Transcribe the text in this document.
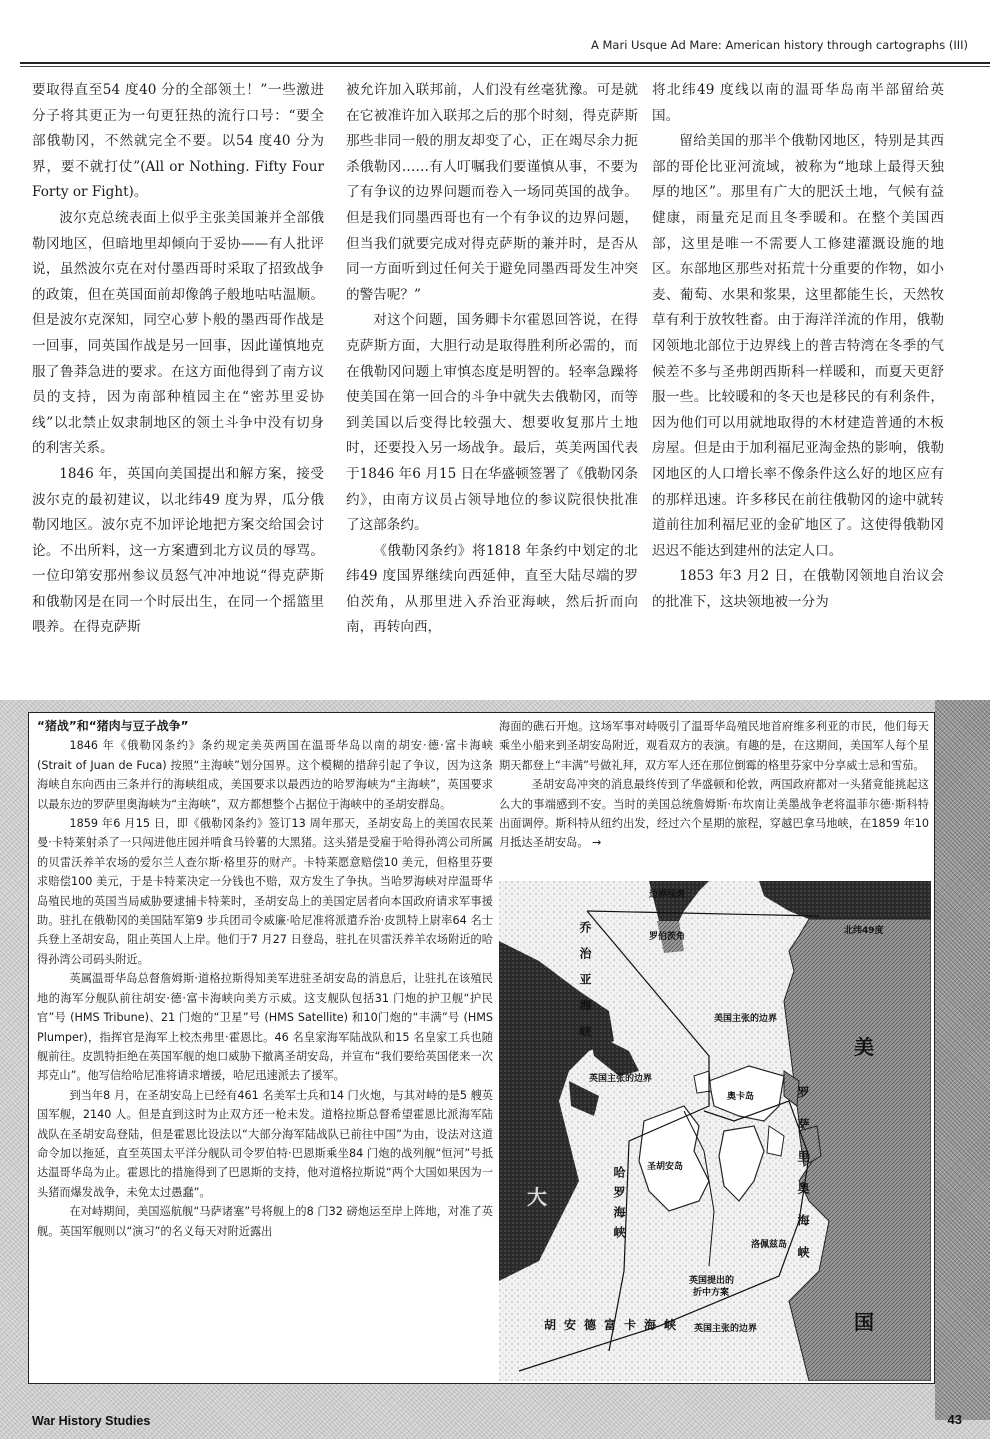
A Mari Usque Ad Mare: American history through cartographs (III)

要取得直至54 度40 分的全部领土！”一些激进分子将其更正为一句更狂热的流行口号：“要全部俄勒冈，不然就完全不要。以54 度40 分为界，要不就打仗”(All or Nothing. Fifty Four Forty or Fight)。

波尔克总统表面上似乎主张美国兼并全部俄勒冈地区，但暗地里却倾向于妥协——有人批评说，虽然波尔克在对付墨西哥时采取了招致战争的政策，但在英国面前却像鸽子般地咕咕温顺。但是波尔克深知，同空心萝卜般的墨西哥作战是一回事，同英国作战是另一回事，因此谨慎地克服了鲁莽急进的要求。在这方面他得到了南方议员的支持，因为南部种植园主在“密苏里妥协线”以北禁止奴隶制地区的领土斗争中没有切身的利害关系。

1846 年，英国向美国提出和解方案，接受波尔克的最初建议，以北纬49 度为界，瓜分俄勒冈地区。波尔克不加评论地把方案交给国会讨论。不出所料，这一方案遭到北方议员的辱骂。一位印第安那州参议员怒气冲冲地说“得克萨斯和俄勒冈是在同一个时辰出生，在同一个摇篮里喂养。在得克萨斯

被允许加入联邦前，人们没有丝毫犹豫。可是就在它被准许加入联邦之后的那个时刻，得克萨斯那些非同一般的朋友却变了心，正在竭尽余力扼杀俄勒冈……有人叮嘱我们要谨慎从事，不要为了有争议的边界问题而卷入一场同英国的战争。但是我们同墨西哥也有一个有争议的边界问题，但当我们就要完成对得克萨斯的兼并时，是否从同一方面听到过任何关于避免同墨西哥发生冲突的警告呢？”

对这个问题，国务卿卡尔霍恩回答说，在得克萨斯方面，大胆行动是取得胜利所必需的，而在俄勒冈问题上审慎态度是明智的。轻率急躁将使美国在第一回合的斗争中就失去俄勒冈，而等到美国以后变得比较强大、想要收复那片土地时，还要投入另一场战争。最后，英美两国代表于1846 年6 月15 日在华盛顿签署了《俄勒冈条约》，由南方议员占领导地位的参议院很快批准了这部条约。

《俄勒冈条约》将1818 年条约中划定的北纬49 度国界继续向西延伸，直至大陆尽端的罗伯茨角，从那里进入乔治亚海峡，然后折而向南，再转向西，

将北纬49 度线以南的温哥华岛南半部留给英国。

留给美国的那半个俄勒冈地区，特别是其西部的哥伦比亚河流域，被称为“地球上最得天独厚的地区”。那里有广大的肥沃土地，气候有益健康，雨量充足而且冬季暖和。在整个美国西部，这里是唯一不需要人工修建灌溉设施的地区。东部地区那些对拓荒十分重要的作物，如小麦、葡萄、水果和浆果，这里都能生长，天然牧草有利于放牧牲畜。由于海洋洋流的作用，俄勒冈领地北部位于边界线上的普吉特湾在冬季的气候差不多与圣弗朗西斯科一样暖和，而夏天更舒服一些。比较暖和的冬天也是移民的有利条件，因为他们可以用就地取得的木材建造普通的木板房屋。但是由于加利福尼亚淘金热的影响，俄勒冈地区的人口增长率不像条件这么好的地区应有的那样迅速。许多移民在前往俄勒冈的途中就转道前往加利福尼亚的金矿地区了。这使得俄勒冈迟迟不能达到建州的法定人口。

1853 年3 月2 日，在俄勒冈领地自治议会的批准下，这块领地被一分为

“猪战”和“猪肉与豆子战争”

1846 年《俄勒冈条约》条约规定美英两国在温哥华岛以南的胡安·德·富卡海峡 (Strait of Juan de Fuca) 按照“主海峡”划分国界。这个模糊的措辞引起了争议，因为这条海峡自东向西由三条并行的海峡组成，美国要求以最西边的哈罗海峡为“主海峡”，英国要求以最东边的罗萨里奥海峡为“主海峡”，双方都想整个占据位于海峡中的圣胡安群岛。

1859 年6 月15 日，即《俄勒冈条约》签订13 周年那天，圣胡安岛上的美国农民莱曼·卡特莱射杀了一只闯进他庄园并啃食马铃薯的大黑猪。这头猪是受雇于哈得孙湾公司所属的贝雷沃养羊农场的爱尔兰人查尔斯·格里芬的财产。卡特莱愿意赔偿10 美元，但格里芬要求赔偿100 美元，于是卡特莱决定一分钱也不赔，双方发生了争执。当哈罗海峡对岸温哥华岛殖民地的英国当局威胁要逮捕卡特莱时，圣胡安岛上的美国定居者向本国政府请求军事援助。驻扎在俄勒冈的美国陆军第9 步兵团司令威廉·哈尼准将派遣乔治·皮凯特上尉率64 名士兵登上圣胡安岛，阻止英国人上岸。他们于7 月27 日登岛，驻扎在贝雷沃养羊农场附近的哈得孙湾公司码头附近。

英属温哥华岛总督詹姆斯·道格拉斯得知美军进驻圣胡安岛的消息后，让驻扎在该殖民地的海军分舰队前往胡安·德·富卡海峡向美方示威。这支舰队包括31 门炮的护卫舰“护民官”号 (HMS Tribune)、21 门炮的“卫星”号 (HMS Satellite) 和10门炮的“丰满”号 (HMS Plumper)，指挥官是海军上校杰弗里·霍恩比。46 名皇家海军陆战队和15 名皇家工兵也随舰前往。皮凯特拒绝在英国军舰的炮口威胁下撤离圣胡安岛，并宣布“我们要给英国佬来一次邦克山”。他写信给哈尼准将请求增援，哈尼迅速派去了援军。

到当年8 月，在圣胡安岛上已经有461 名美军士兵和14 门火炮，与其对峙的是5 艘英国军舰，2140 人。但是直到这时为止双方还一枪未发。道格拉斯总督希望霍恩比派海军陆战队在圣胡安岛登陆，但是霍恩比设法以“大部分海军陆战队已前往中国”为由，设法对这道命令加以拖延，直至英国太平洋分舰队司令罗伯特·巴恩斯乘坐84 门炮的战列舰“恒河”号抵达温哥华岛为止。霍恩比的措施得到了巴恩斯的支持，他对道格拉斯说“两个大国如果因为一头猪而爆发战争，未免太过愚蠢”。

在对峙期间，美国巡航舰“马萨诸塞”号将舰上的8 门32 磅炮运至岸上阵地，对准了英舰。英国军舰则以“演习”的名义每天对附近露出

海面的礁石开炮。这场军事对峙吸引了温哥华岛殖民地首府维多利亚的市民，他们每天乘坐小船来到圣胡安岛附近，观看双方的表演。有趣的是，在这期间，美国军人每个星期天都登上“丰满”号做礼拜，双方军人还在那位倒霉的格里芬家中分享威士忌和雪茄。

圣胡安岛冲突的消息最终传到了华盛顿和伦敦，两国政府都对一头猪竟能挑起这么大的事端感到不安。当时的美国总统詹姆斯·布坎南让美墨战争老将温菲尔德·斯科特出面调停。斯科特从纽约出发，经过六个星期的旅程，穿越巴拿马地峡，在1859 年10 月抵达圣胡安岛。 →

边界线湾
罗伯茨角
北纬49度
美国主张的边界
英国主张的边界
奥卡岛
圣胡安岛
洛佩兹岛
英国提出的
折中方案
英国主张的边界
乔治亚海峡
哈罗海峡	罗萨里奥海峡
胡安德富卡海峡
美
国
大
War History Studies	43
